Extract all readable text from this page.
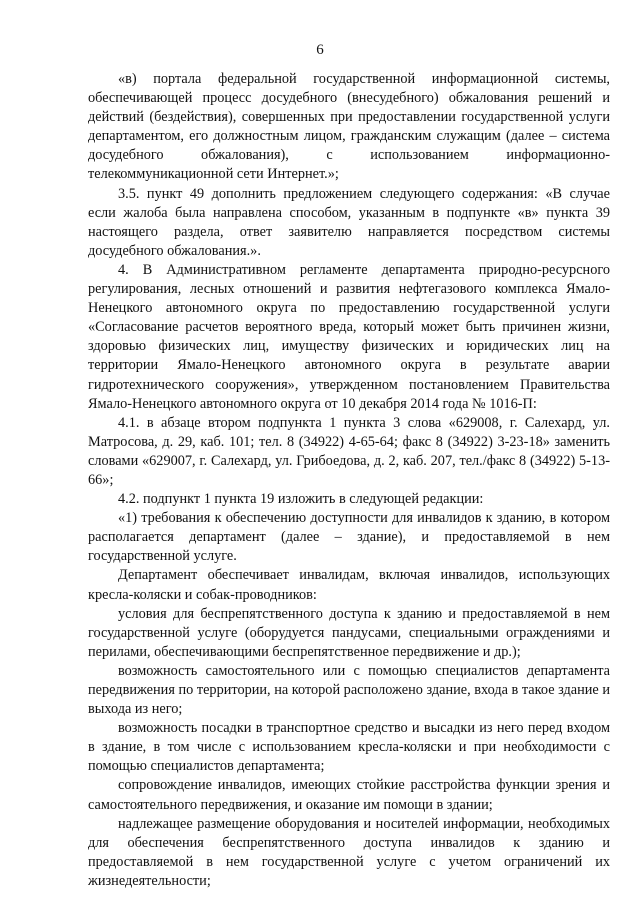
6

«в) портала федеральной государственной информационной системы, обеспечивающей процесс досудебного (внесудебного) обжалования решений и действий (бездействия), совершенных при предоставлении государственной услуги департаментом, его должностным лицом, гражданским служащим (далее – система досудебного обжалования), с использованием информационно-телекоммуникационной сети Интернет.»;

3.5. пункт 49 дополнить предложением следующего содержания: «В случае если жалоба была направлена способом, указанным в подпункте «в» пункта 39 настоящего раздела, ответ заявителю направляется посредством системы досудебного обжалования.».

4. В Административном регламенте департамента природно-ресурсного регулирования, лесных отношений и развития нефтегазового комплекса Ямало-Ненецкого автономного округа по предоставлению государственной услуги «Согласование расчетов вероятного вреда, который может быть причинен жизни, здоровью физических лиц, имуществу физических и юридических лиц на территории Ямало-Ненецкого автономного округа в результате аварии гидротехнического сооружения», утвержденном постановлением Правительства Ямало-Ненецкого автономного округа от 10 декабря 2014 года № 1016-П:

4.1. в абзаце втором подпункта 1 пункта 3 слова «629008, г. Салехард, ул. Матросова, д. 29, каб. 101; тел. 8 (34922) 4-65-64; факс 8 (34922) 3-23-18» заменить словами «629007, г. Салехард, ул. Грибоедова, д. 2, каб. 207, тел./факс 8 (34922) 5-13-66»;

4.2. подпункт 1 пункта 19 изложить в следующей редакции:

«1) требования к обеспечению доступности для инвалидов к зданию, в котором располагается департамент (далее – здание), и предоставляемой в нем государственной услуге.

Департамент обеспечивает инвалидам, включая инвалидов, использующих кресла-коляски и собак-проводников:

условия для беспрепятственного доступа к зданию и предоставляемой в нем государственной услуге (оборудуется пандусами, специальными ограждениями и перилами, обеспечивающими беспрепятственное передвижение и др.);

возможность самостоятельного или с помощью специалистов департамента передвижения по территории, на которой расположено здание, входа в такое здание и выхода из него;

возможность посадки в транспортное средство и высадки из него перед входом в здание, в том числе с использованием кресла-коляски и при необходимости с помощью специалистов департамента;

сопровождение инвалидов, имеющих стойкие расстройства функции зрения и самостоятельного передвижения, и оказание им помощи в здании;

надлежащее размещение оборудования и носителей информации, необходимых для обеспечения беспрепятственного доступа инвалидов к зданию и предоставляемой в нем государственной услуге с учетом ограничений их жизнедеятельности;
